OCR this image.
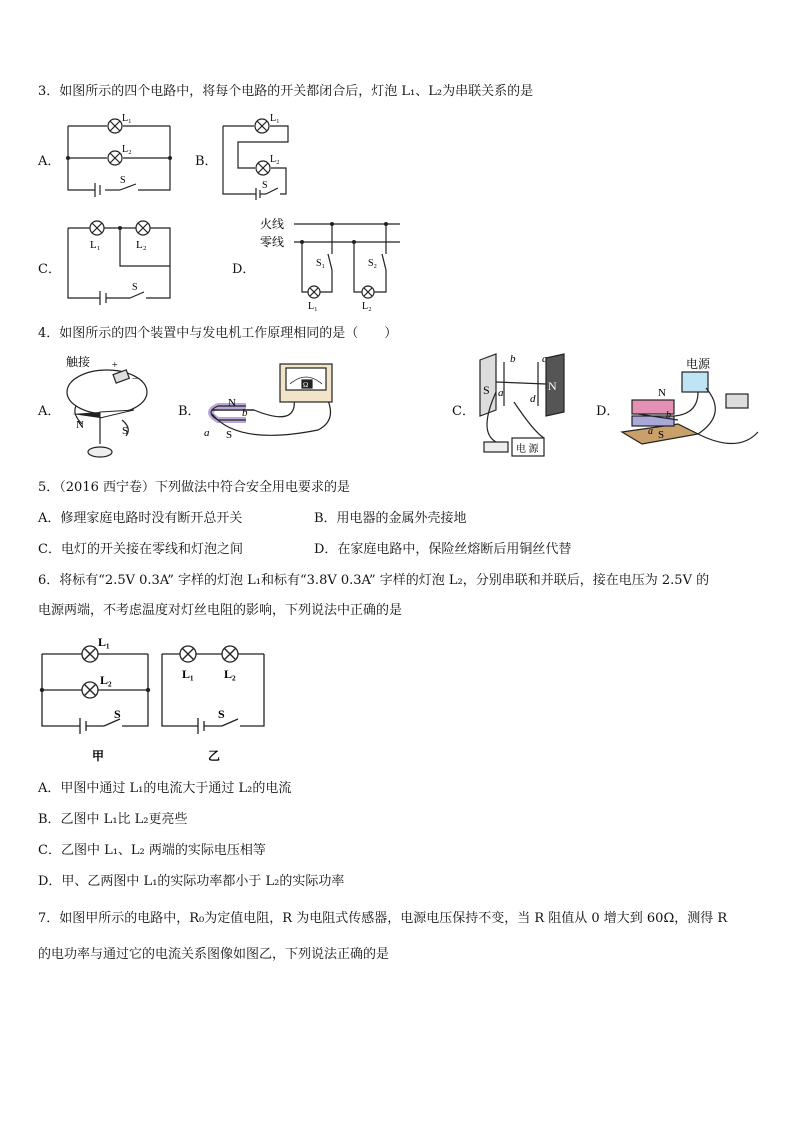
3．如图所示的四个电路中，将每个电路的开关都闭合后，灯泡 L₁、L₂为串联关系的是
A．
L₁
L₂
S
B．
L₁
L₂
S
C．
L₁	L₂
S
D．
火线
零线
S₁	S₂
L₁	L₂
4．如图所示的四个装置中与发电机工作原理相同的是（　　）
A．
触接 +
−
N	S
B．
Ω
N
S
a
b	C．
S	N
a
b c
d
电 源
D．
电源
N
S
a
b
5．（2016 西宁卷）下列做法中符合安全用电要求的是
A．修理家庭电路时没有断开总开关	B．用电器的金属外壳接地
C．电灯的开关接在零线和灯泡之间	D．在家庭电路中，保险丝熔断后用铜丝代替
6．将标有“2.5V 0.3A” 字样的灯泡 L₁和标有“3.8V 0.3A” 字样的灯泡 L₂，分别串联和并联后，接在电压为 2.5V 的
电源两端，不考虑温度对灯丝电阻的影响，下列说法中正确的是
L₁
L₂
S
甲
L₁	L₂
S
乙
A．甲图中通过 L₁的电流大于通过 L₂的电流
B．乙图中 L₁比 L₂更亮些
C．乙图中 L₁、L₂ 两端的实际电压相等
D．甲、乙两图中 L₁的实际功率都小于 L₂的实际功率
7．如图甲所示的电路中，R₀为定值电阻，R 为电阻式传感器，电源电压保持不变，当 R 阻值从 0 增大到 60Ω，测得 R
的电功率与通过它的电流关系图像如图乙，下列说法正确的是
